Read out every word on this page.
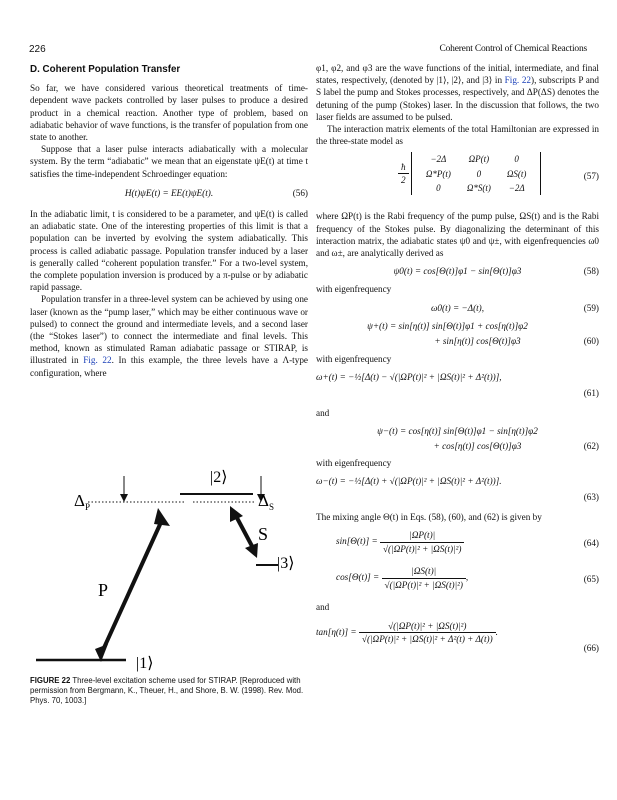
226	Coherent Control of Chemical Reactions
D. Coherent Population Transfer

So far, we have considered various theoretical treatments of time-dependent wave packets controlled by laser pulses to produce a desired product in a chemical reaction. Another type of problem, based on adiabatic behavior of wave functions, is the transfer of population from one state to another.

Suppose that a laser pulse interacts adiabatically with a molecular system. By the term “adiabatic” we mean that an eigenstate ψE(t) at time t satisfies the time-independent Schroedinger equation:

H(t)ψE(t) = EE(t)ψE(t).	(56)

In the adiabatic limit, t is considered to be a parameter, and ψE(t) is called an adiabatic state. One of the interesting properties of this limit is that a population can be inverted by evolving the system adiabatically. This process is called adiabatic passage. Population transfer induced by a laser is generally called “coherent population transfer.” For a two-level system, the complete population inversion is produced by a π-pulse or by adiabatic rapid passage.

Population transfer in a three-level system can be achieved by using one laser (known as the “pump laser,” which may be either continuous wave or pulsed) to connect the ground and intermediate levels, and a second laser (the “Stokes laser”) to connect the intermediate and final levels. This method, known as stimulated Raman adiabatic passage or STIRAP, is illustrated in Fig. 22. In this example, the three levels have a Λ-type configuration, where

|2⟩
|3⟩
|1⟩
$\Delta_P$	$\Delta_S$
P
S
FIGURE 22 Three-level excitation scheme used for STIRAP. [Reproduced with permission from Bergmann, K., Theuer, H., and Shore, B. W. (1998). Rev. Mod. Phys. 70, 1003.]

φ1, φ2, and φ3 are the wave functions of the initial, intermediate, and final states, respectively, (denoted by |1⟩, |2⟩, and |3⟩ in Fig. 22), subscripts P and S label the pump and Stokes processes, respectively, and ΔP(ΔS) denotes the detuning of the pump (Stokes) laser. In the discussion that follows, the two laser fields are assumed to be pulsed.

The interaction matrix elements of the total Hamiltonian are expressed in the three-state model as

$\frac{ħ}{2}$
−2Δ	ΩP(t)	0
Ω*P(t)	0	ΩS(t)
0	Ω*S(t)	−2Δ
(57)

where ΩP(t) is the Rabi frequency of the pump pulse, ΩS(t) and is the Rabi frequency of the Stokes pulse. By diagonalizing the determinant of this interaction matrix, the adiabatic states ψ0 and ψ±, with eigenfrequencies ω0 and ω±, are analytically derived as

ψ0(t) = cos[Θ(t)]φ1 − sin[Θ(t)]φ3	(58)

with eigenfrequency

ω0(t) = −Δ(t),	(59)
ψ+(t) = sin[η(t)] sin[Θ(t)]φ1 + cos[η(t)]φ2
+ sin[η(t)] cos[Θ(t)]φ3	(60)

with eigenfrequency

ω+(t) = −½[Δ(t) − √(|ΩP(t)|² + |ΩS(t)|² + Δ²(t))],
(61)

and

ψ−(t) = cos[η(t)] sin[Θ(t)]φ1 − sin[η(t)]φ2
+ cos[η(t)] cos[Θ(t)]φ3	(62)

with eigenfrequency

ω−(t) = −½[Δ(t) + √(|ΩP(t)|² + |ΩS(t)|² + Δ²(t))].
(63)

The mixing angle Θ(t) in Eqs. (58), (60), and (62) is given by

$\sin[\Theta(t)] = \frac{|\Omega P(t)|}{\text{√(|ΩP(t)|² + |ΩS(t)|²)}}$	(64)
$\cos[\Theta(t)] = \frac{|\Omega S(t)|}{\text{√(|ΩP(t)|² + |ΩS(t)|²)}}$ ,	(65)

and

$\tan[\eta(t)] = \frac{\text{√(|ΩP(t)|² + |ΩS(t)|²)}}{\text{√(|ΩP(t)|² + |ΩS(t)|² + Δ²(t) + Δ(t))}}$ .
(66)
